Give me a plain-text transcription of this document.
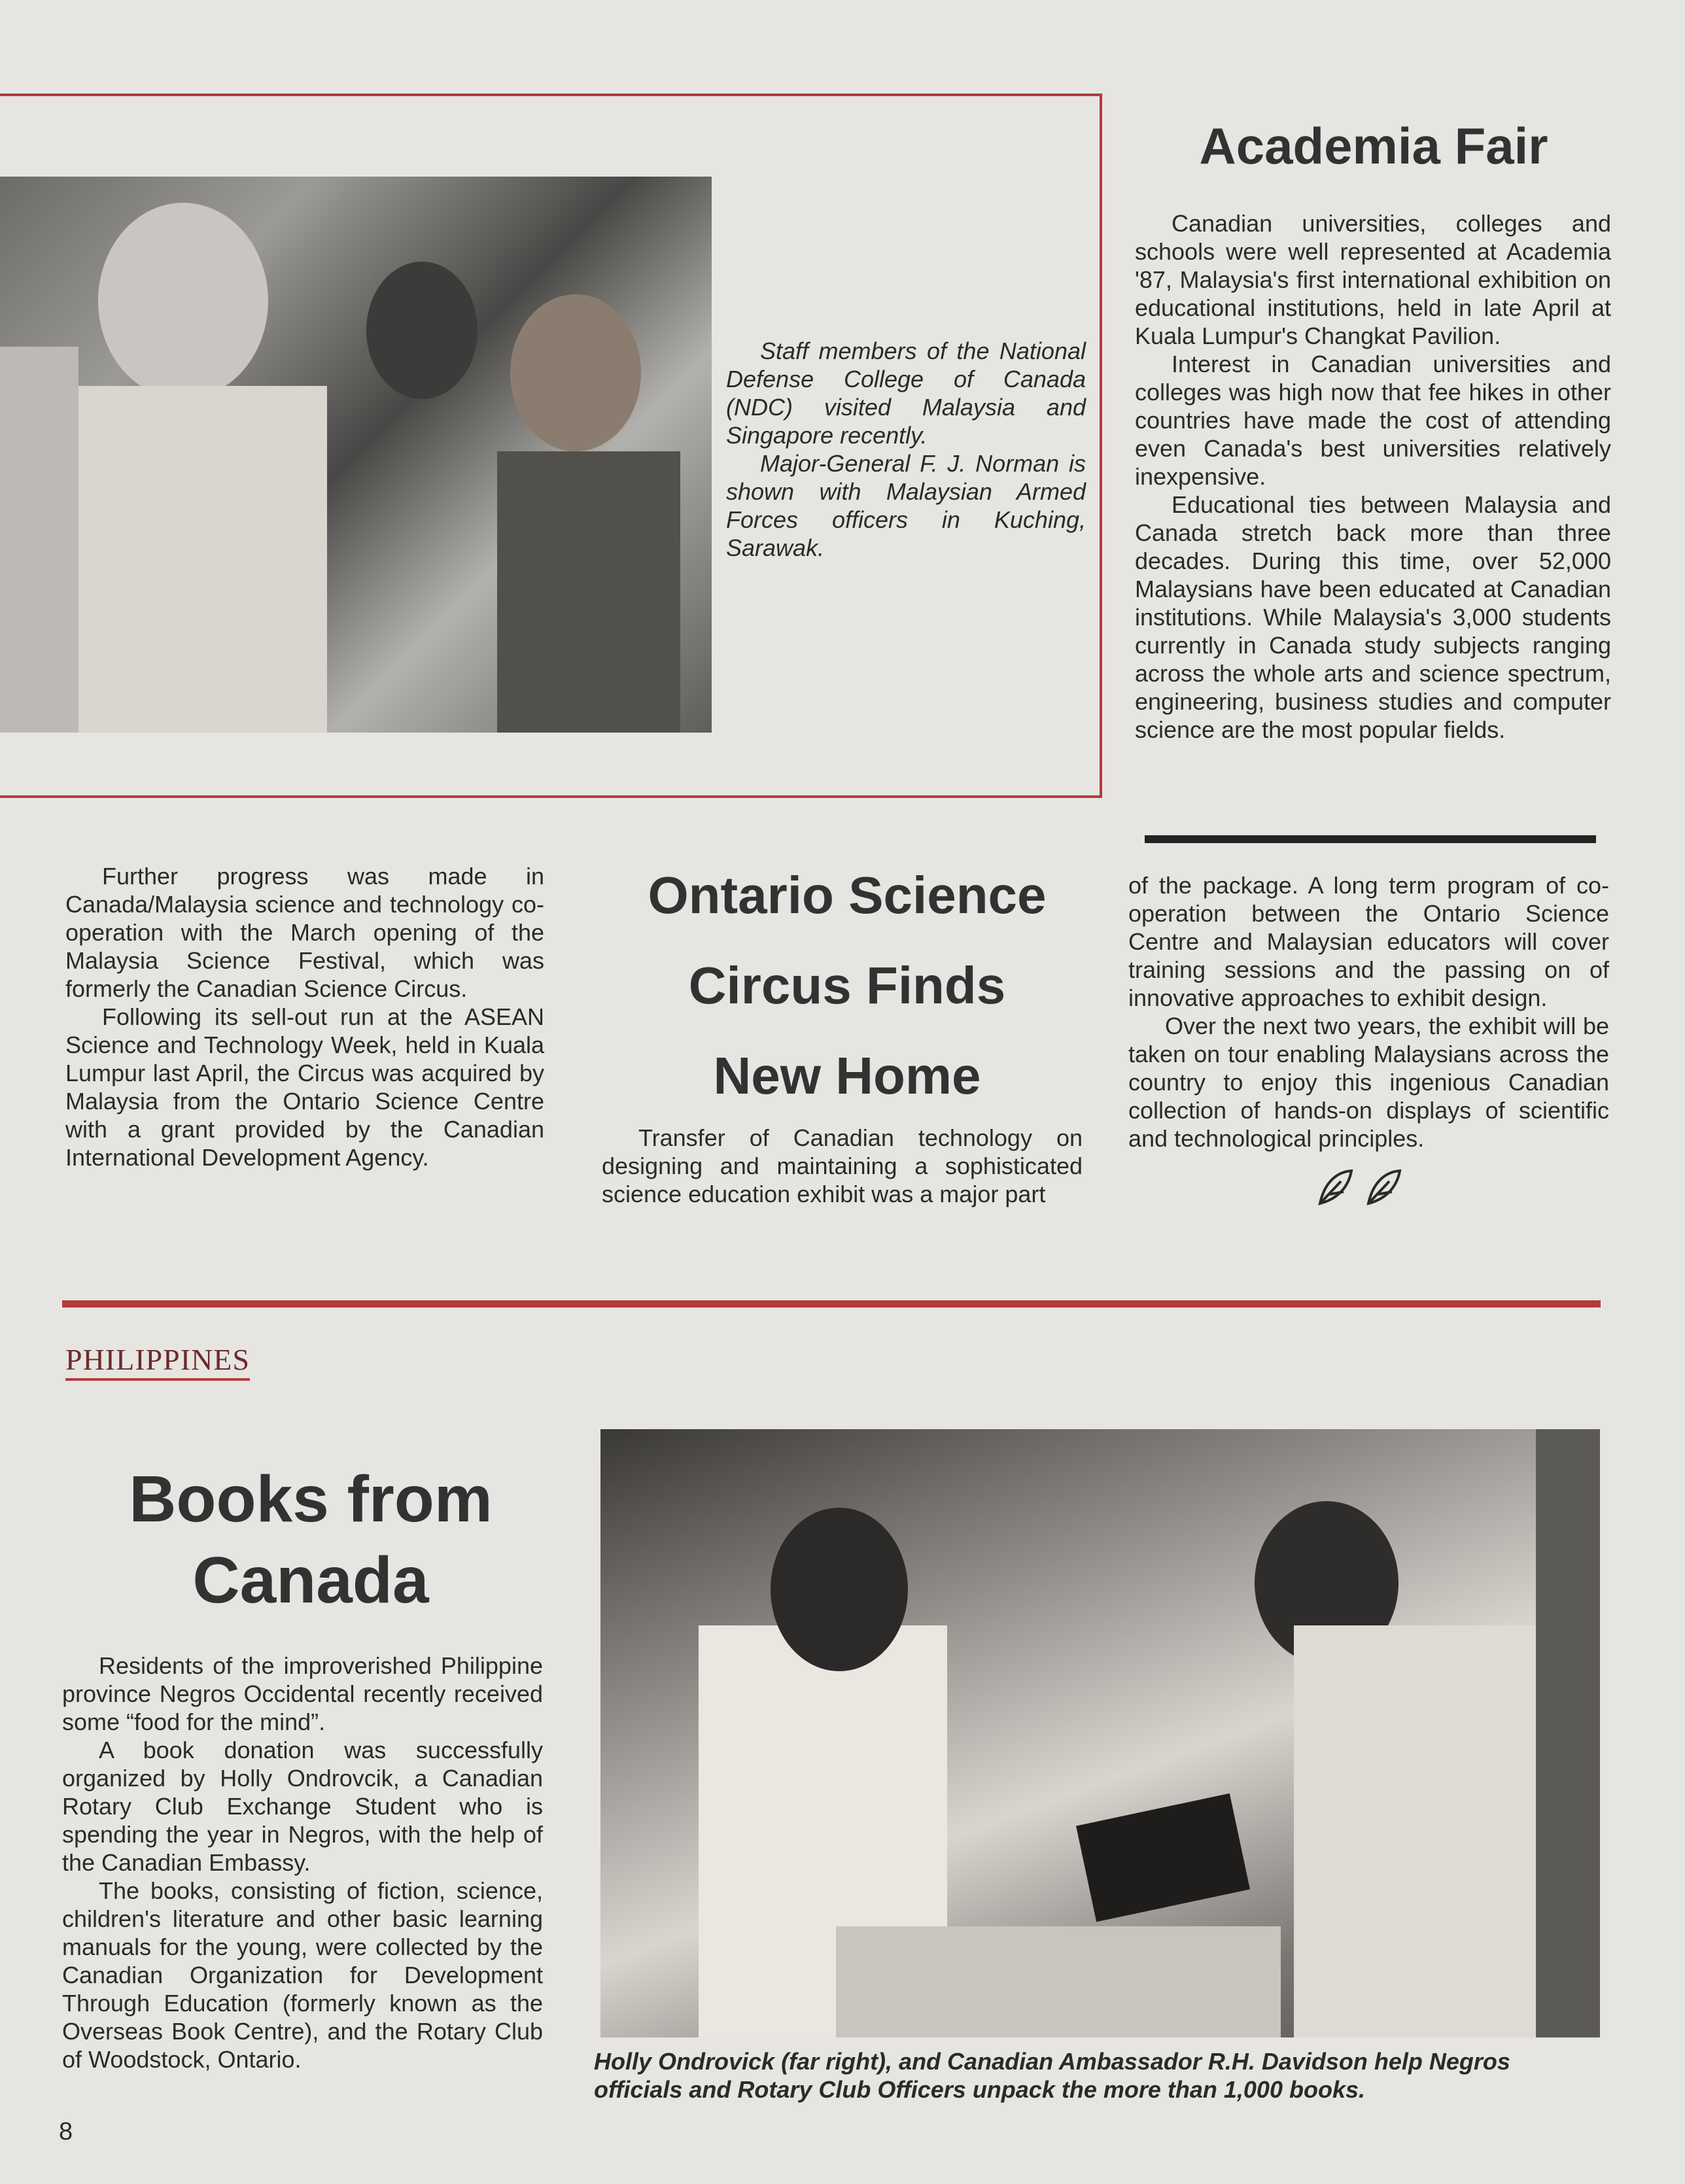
Staff members of the National Defense College of Canada (NDC) visited Malaysia and Singapore recently.

Major-General F. J. Norman is shown with Malaysian Armed Forces officers in Kuching, Sarawak.

Academia Fair

Canadian universities, colleges and schools were well represented at Academia '87, Malaysia's first international exhibition on educational institutions, held in late April at Kuala Lumpur's Changkat Pavilion.

Interest in Canadian universities and colleges was high now that fee hikes in other countries have made the cost of attending even Canada's best universities relatively inexpensive.

Educational ties between Malaysia and Canada stretch back more than three decades. During this time, over 52,000 Malaysians have been educated at Canadian institutions. While Malaysia's 3,000 students currently in Canada study subjects ranging across the whole arts and science spectrum, engineering, business studies and computer science are the most popular fields.

Further progress was made in Canada/Malaysia science and technology co-operation with the March opening of the Malaysia Science Festival, which was formerly the Canadian Science Circus.

Following its sell-out run at the ASEAN Science and Technology Week, held in Kuala Lumpur last April, the Circus was acquired by Malaysia from the Ontario Science Centre with a grant provided by the Canadian International Development Agency.

Ontario Science

Circus Finds

New Home

Transfer of Canadian technology on designing and maintaining a sophisticated science education exhibit was a major part

of the package. A long term program of co-operation between the Ontario Science Centre and Malaysian educators will cover training sessions and the passing on of innovative approaches to exhibit design.

Over the next two years, the exhibit will be taken on tour enabling Malaysians across the country to enjoy this ingenious Canadian collection of hands-on displays of scientific and technological principles.

PHILIPPINES

Books from

Canada

Residents of the improverished Philippine province Negros Occidental recently received some “food for the mind”.

A book donation was successfully organized by Holly Ondrovcik, a Canadian Rotary Club Exchange Student who is spending the year in Negros, with the help of the Canadian Embassy.

The books, consisting of fiction, science, children's literature and other basic learning manuals for the young, were collected by the Canadian Organization for Development Through Education (formerly known as the Overseas Book Centre), and the Rotary Club of Woodstock, Ontario.	Holly Ondrovick (far right), and Canadian Ambassador R.H. Davidson help Negros officials and Rotary Club Officers unpack the more than 1,000 books.
8
